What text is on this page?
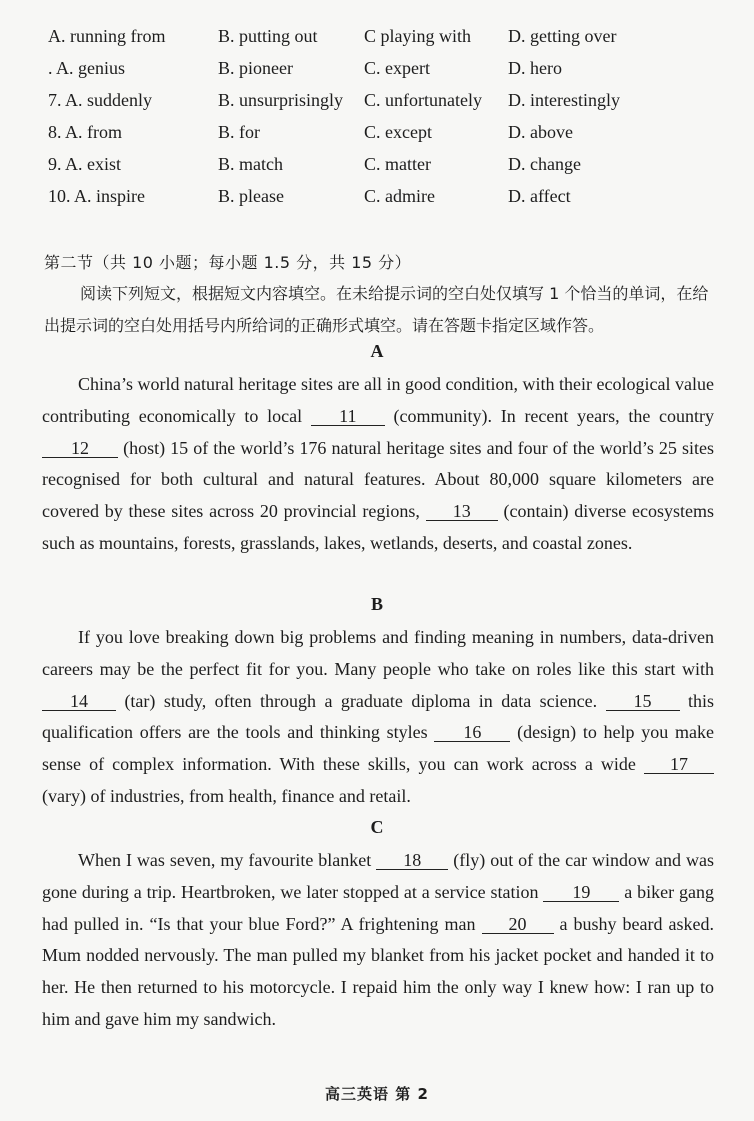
A. running from	B. putting out	C playing with D. getting over
. A. genius	B. pioneer	C. expert	D. hero
7. A. suddenly	B. unsurprisingly C. unfortunately D. interestingly
8. A. from	B. for	C. except	D. above
9. A. exist	B. match	C. matter	D. change
10. A. inspire	B. please	C. admire	D. affect
第二节（共 10 小题；每小题 1.5 分，共 15 分）
阅读下列短文，根据短文内容填空。在未给提示词的空白处仅填写 1 个恰当的单词，在给出提示词的空白处用括号内所给词的正确形式填空。请在答题卡指定区域作答。
A
China’s world natural heritage sites are all in good condition, with their ecological value contributing economically to local 11 (community). In recent years, the country 12 (host) 15 of the world’s 176 natural heritage sites and four of the world’s 25 sites recognised for both cultural and natural features. About 80,000 square kilometers are covered by these sites across 20 provincial regions, 13 (contain) diverse ecosystems such as mountains, forests, grasslands, lakes, wetlands, deserts, and coastal zones.
B
If you love breaking down big problems and finding meaning in numbers, data-driven careers may be the perfect fit for you. Many people who take on roles like this start with 14 (tar) study, often through a graduate diploma in data science. 15 this qualification offers are the tools and thinking styles 16 (design) to help you make sense of complex information. With these skills, you can work across a wide 17 (vary) of industries, from health, finance and retail.
C
When I was seven, my favourite blanket 18 (fly) out of the car window and was gone during a trip. Heartbroken, we later stopped at a service station 19 a biker gang had pulled in. “Is that your blue Ford?” A frightening man 20 a bushy beard asked. Mum nodded nervously. The man pulled my blanket from his jacket pocket and handed it to her. He then returned to his motorcycle. I repaid him the only way I knew how: I ran up to him and gave him my sandwich.
高三英语 第 2
